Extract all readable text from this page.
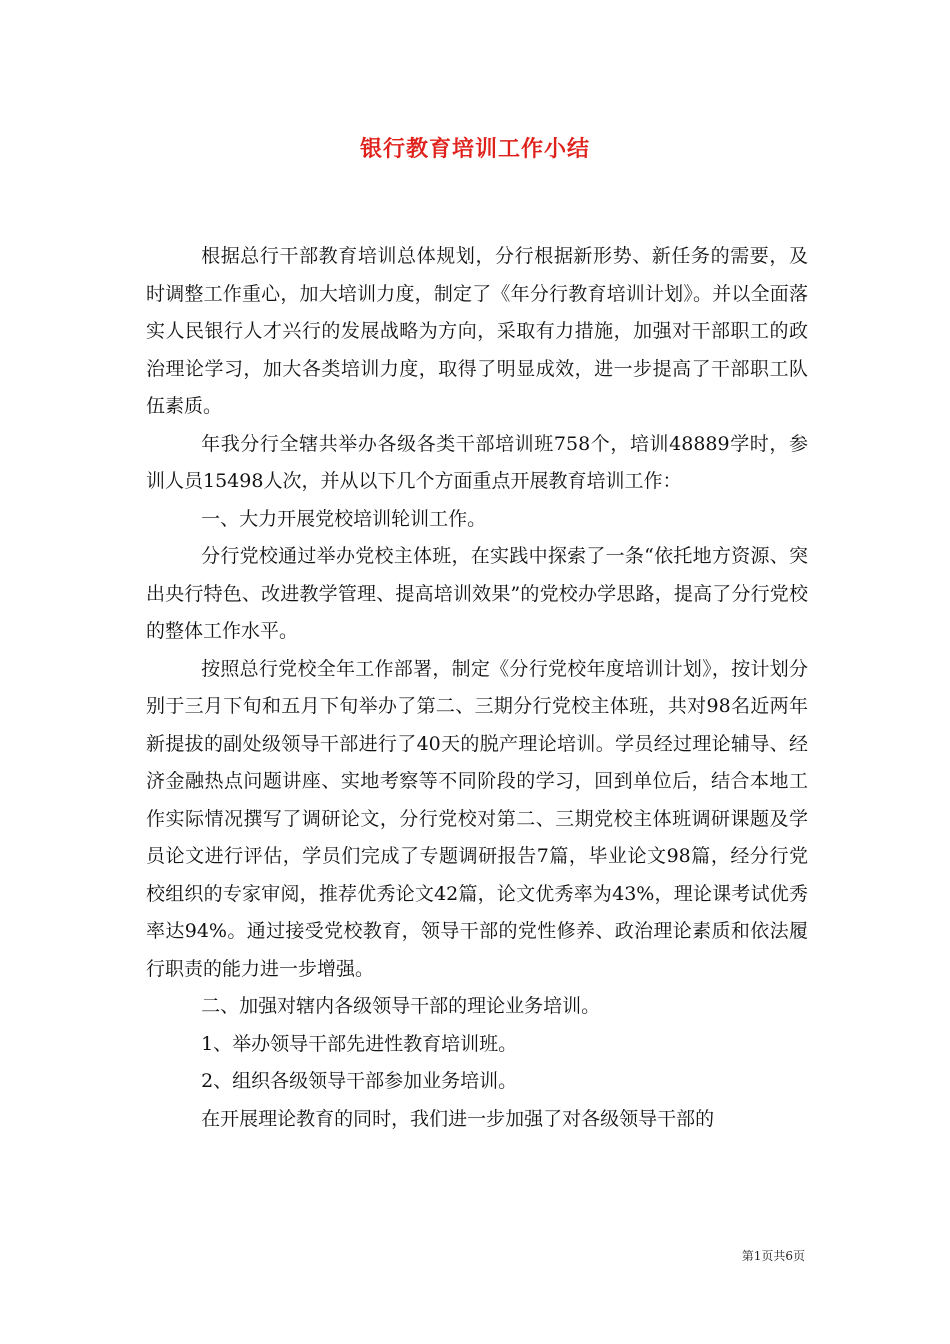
银行教育培训工作小结

根据总行干部教育培训总体规划，分行根据新形势、新任务的需要，及时调整工作重心，加大培训力度，制定了《年分行教育培训计划》。并以全面落实人民银行人才兴行的发展战略为方向，采取有力措施，加强对干部职工的政治理论学习，加大各类培训力度，取得了明显成效，进一步提高了干部职工队伍素质。

年我分行全辖共举办各级各类干部培训班758个，培训48889学时，参训人员15498人次，并从以下几个方面重点开展教育培训工作：

一、大力开展党校培训轮训工作。

分行党校通过举办党校主体班，在实践中探索了一条“依托地方资源、突出央行特色、改进教学管理、提高培训效果”的党校办学思路，提高了分行党校的整体工作水平。

按照总行党校全年工作部署，制定《分行党校年度培训计划》，按计划分别于三月下旬和五月下旬举办了第二、三期分行党校主体班，共对98名近两年新提拔的副处级领导干部进行了40天的脱产理论培训。学员经过理论辅导、经济金融热点问题讲座、实地考察等不同阶段的学习，回到单位后，结合本地工作实际情况撰写了调研论文，分行党校对第二、三期党校主体班调研课题及学员论文进行评估，学员们完成了专题调研报告7篇，毕业论文98篇，经分行党校组织的专家审阅，推荐优秀论文42篇，论文优秀率为43%，理论课考试优秀率达94%。通过接受党校教育，领导干部的党性修养、政治理论素质和依法履行职责的能力进一步增强。

二、加强对辖内各级领导干部的理论业务培训。

1、举办领导干部先进性教育培训班。

2、组织各级领导干部参加业务培训。

在开展理论教育的同时，我们进一步加强了对各级领导干部的

第1页共6页
